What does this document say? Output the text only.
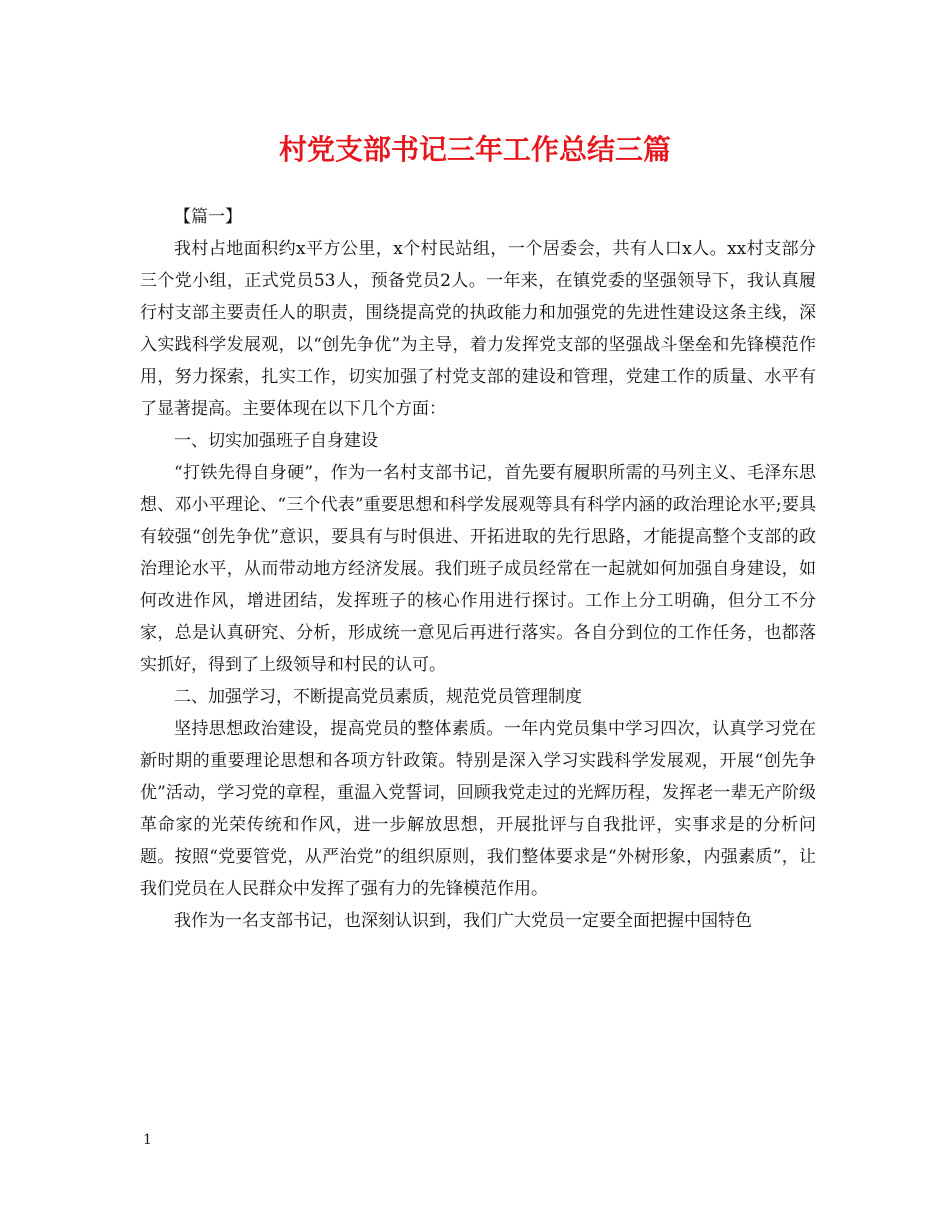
村党支部书记三年工作总结三篇

【篇一】

我村占地面积约x平方公里，x个村民站组，一个居委会，共有人口x人。xx村支部分三个党小组，正式党员53人，预备党员2人。一年来，在镇党委的坚强领导下，我认真履行村支部主要责任人的职责，围绕提高党的执政能力和加强党的先进性建设这条主线，深入实践科学发展观，以“创先争优”为主导，着力发挥党支部的坚强战斗堡垒和先锋模范作用，努力探索，扎实工作，切实加强了村党支部的建设和管理，党建工作的质量、水平有了显著提高。主要体现在以下几个方面：

一、切实加强班子自身建设

“打铁先得自身硬”，作为一名村支部书记，首先要有履职所需的马列主义、毛泽东思想、邓小平理论、“三个代表”重要思想和科学发展观等具有科学内涵的政治理论水平;要具有较强“创先争优”意识，要具有与时俱进、开拓进取的先行思路，才能提高整个支部的政治理论水平，从而带动地方经济发展。我们班子成员经常在一起就如何加强自身建设，如何改进作风，增进团结，发挥班子的核心作用进行探讨。工作上分工明确，但分工不分家，总是认真研究、分析，形成统一意见后再进行落实。各自分到位的工作任务，也都落实抓好，得到了上级领导和村民的认可。

二、加强学习，不断提高党员素质，规范党员管理制度

坚持思想政治建设，提高党员的整体素质。一年内党员集中学习四次，认真学习党在新时期的重要理论思想和各项方针政策。特别是深入学习实践科学发展观，开展“创先争优”活动，学习党的章程，重温入党誓词，回顾我党走过的光辉历程，发挥老一辈无产阶级革命家的光荣传统和作风，进一步解放思想，开展批评与自我批评，实事求是的分析问题。按照“党要管党，从严治党”的组织原则，我们整体要求是“外树形象，内强素质”，让我们党员在人民群众中发挥了强有力的先锋模范作用。

我作为一名支部书记，也深刻认识到，我们广大党员一定要全面把握中国特色

1
